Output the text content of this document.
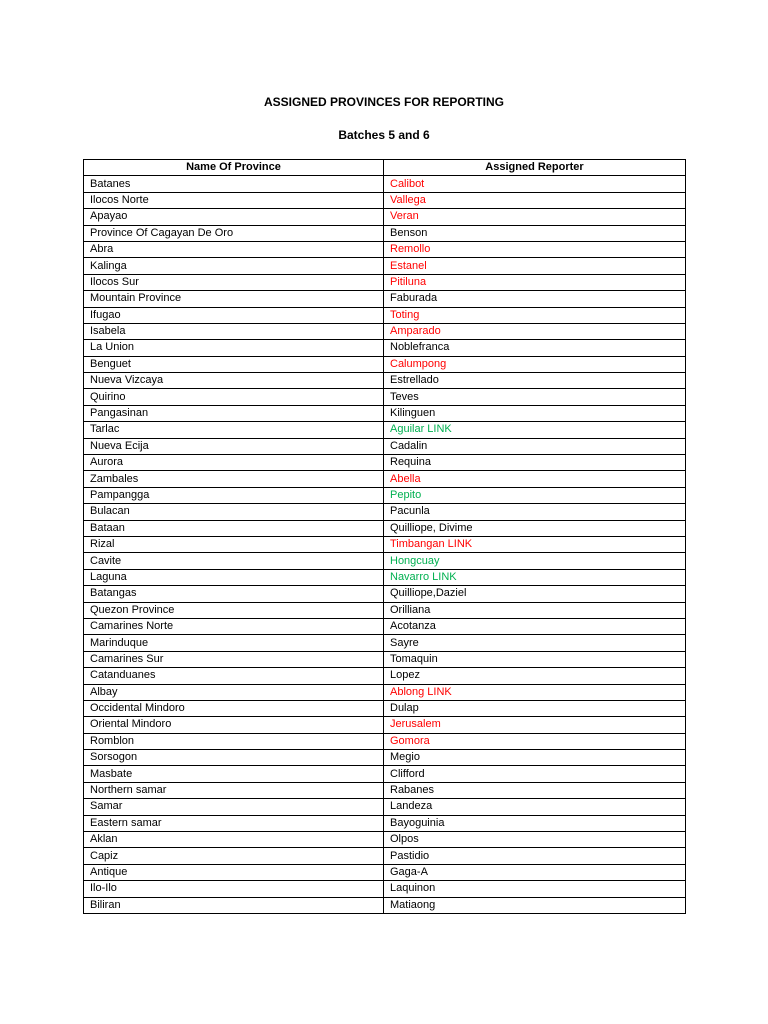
ASSIGNED PROVINCES FOR REPORTING
Batches 5 and 6
Name Of Province	Assigned Reporter
Batanes	Calibot
Ilocos Norte	Vallega
Apayao	Veran
Province Of Cagayan De Oro	Benson
Abra	Remollo
Kalinga	Estanel
Ilocos Sur	Pitiluna
Mountain Province	Faburada
Ifugao	Toting
Isabela	Amparado
La Union	Noblefranca
Benguet	Calumpong
Nueva Vizcaya	Estrellado
Quirino	Teves
Pangasinan	Kilinguen
Tarlac	Aguilar LINK
Nueva Ecija	Cadalin
Aurora	Requina
Zambales	Abella
Pampangga	Pepito
Bulacan	Pacunla
Bataan	Quilliope, Divime
Rizal	Timbangan LINK
Cavite	Hongcuay
Laguna	Navarro LINK
Batangas	Quilliope,Daziel
Quezon Province	Orilliana
Camarines Norte	Acotanza
Marinduque	Sayre
Camarines Sur	Tomaquin
Catanduanes	Lopez
Albay	Ablong LINK
Occidental Mindoro	Dulap
Oriental Mindoro	Jerusalem
Romblon	Gomora
Sorsogon	Megio
Masbate	Clifford
Northern samar	Rabanes
Samar	Landeza
Eastern samar	Bayoguinia
Aklan	Olpos
Capiz	Pastidio
Antique	Gaga-A
Ilo-Ilo	Laquinon
Biliran	Matiaong
